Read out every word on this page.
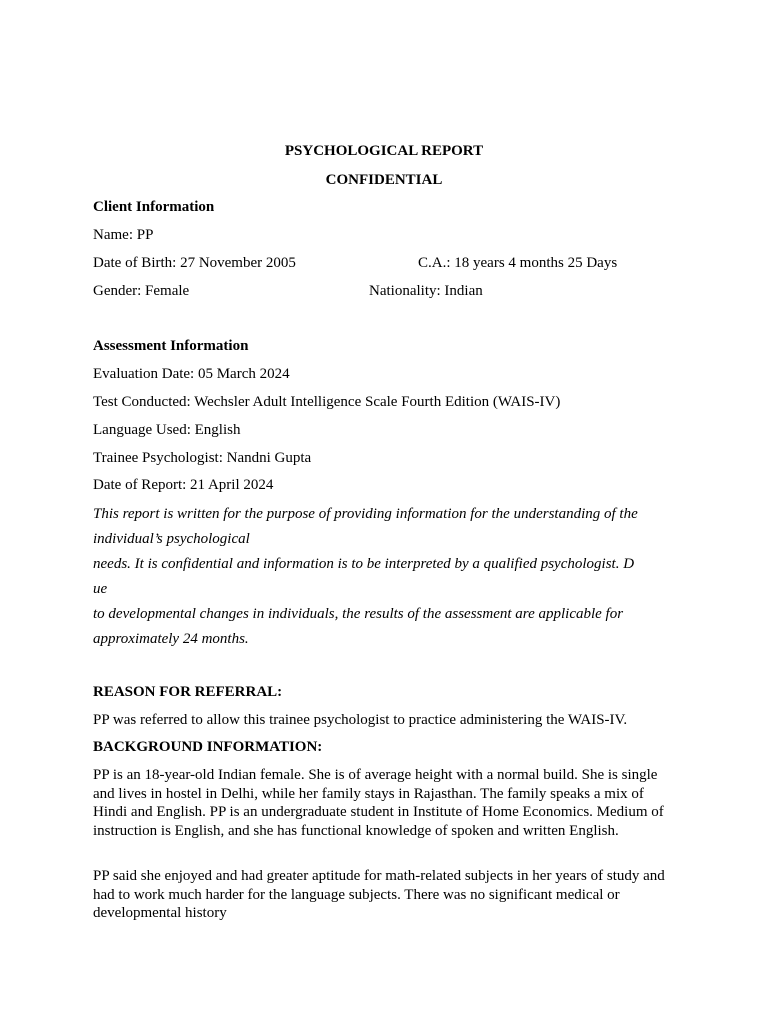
PSYCHOLOGICAL REPORT
CONFIDENTIAL
Client Information
Name: PP
Date of Birth: 27 November 2005	C.A.: 18 years 4 months 25 Days
Gender: Female	Nationality: Indian
Assessment Information
Evaluation Date: 05 March 2024
Test Conducted: Wechsler Adult Intelligence Scale Fourth Edition (WAIS-IV)
Language Used: English
Trainee Psychologist: Nandni Gupta
Date of Report: 21 April 2024
This report is written for the purpose of providing information for the understanding of the
individual’s psychological
needs. It is confidential and information is to be interpreted by a qualified psychologist. D
ue
to developmental changes in individuals, the results of the assessment are applicable for
approximately 24 months.
REASON FOR REFERRAL:
PP was referred to allow this trainee psychologist to practice administering the WAIS-IV.
BACKGROUND INFORMATION:

PP is an 18-year-old Indian female. She is of average height with a normal build. She is single and lives in hostel in Delhi, while her family stays in Rajasthan. The family speaks a mix of Hindi and English. PP is an undergraduate student in Institute of Home Economics. Medium of instruction is English, and she has functional knowledge of spoken and written English.

PP said she enjoyed and had greater aptitude for math-related subjects in her years of study and had to work much harder for the language subjects. There was no significant medical or developmental history
